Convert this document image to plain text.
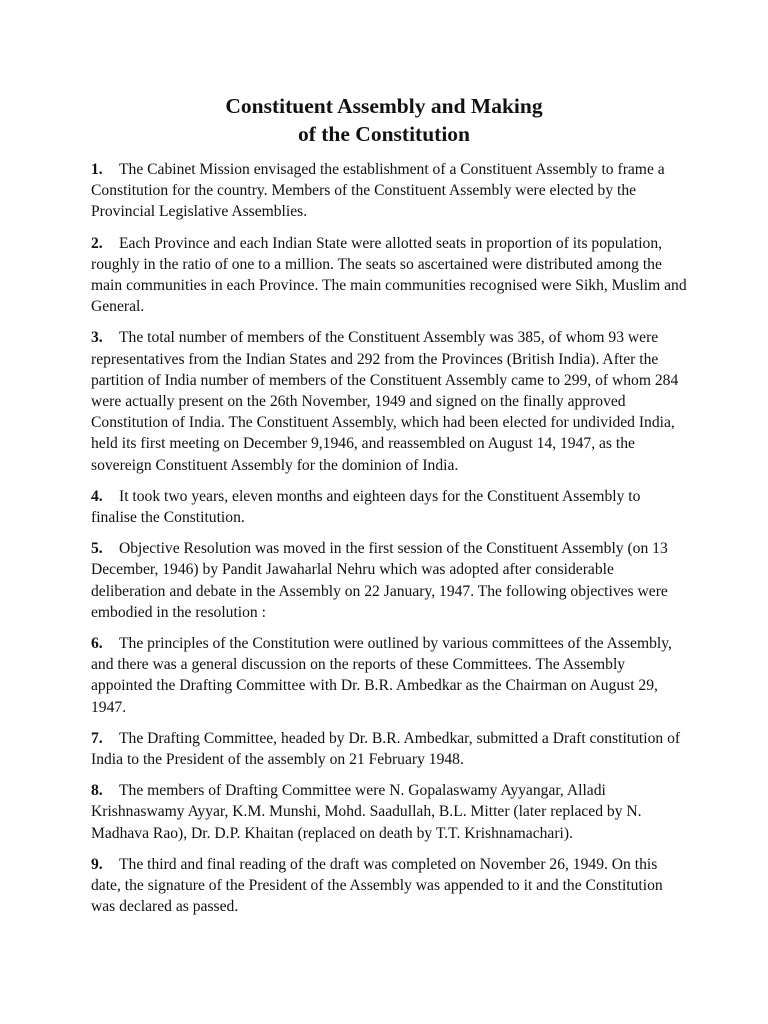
Constituent Assembly and Making
of the Constitution

1. The Cabinet Mission envisaged the establishment of a Constituent Assembly to frame a Constitution for the country. Members of the Constituent Assembly were elected by the Provincial Legislative Assemblies.

2. Each Province and each Indian State were allotted seats in proportion of its population, roughly in the ratio of one to a million. The seats so ascertained were distributed among the main communities in each Province. The main communities recognised were Sikh, Muslim and General.

3. The total number of members of the Constituent Assembly was 385, of whom 93 were representatives from the Indian States and 292 from the Provinces (British India). After the partition of India number of members of the Constituent Assembly came to 299, of whom 284 were actually present on the 26th November, 1949 and signed on the finally approved Constitution of India. The Constituent Assembly, which had been elected for undivided India, held its first meeting on December 9,1946, and reassembled on August 14, 1947, as the sovereign Constituent Assembly for the dominion of India.

4. It took two years, eleven months and eighteen days for the Constituent Assembly to finalise the Constitution.

5. Objective Resolution was moved in the first session of the Constituent Assembly (on 13 December, 1946) by Pandit Jawaharlal Nehru which was adopted after considerable deliberation and debate in the Assembly on 22 January, 1947. The following objectives were embodied in the resolution :

6. The principles of the Constitution were outlined by various committees of the Assembly, and there was a general discussion on the reports of these Committees. The Assembly appointed the Drafting Committee with Dr. B.R. Ambedkar as the Chairman on August 29, 1947.

7. The Drafting Committee, headed by Dr. B.R. Ambedkar, submitted a Draft constitution of India to the President of the assembly on 21 February 1948.

8. The members of Drafting Committee were N. Gopalaswamy Ayyangar, Alladi Krishnaswamy Ayyar, K.M. Munshi, Mohd. Saadullah, B.L. Mitter (later replaced by N. Madhava Rao), Dr. D.P. Khaitan (replaced on death by T.T. Krishnamachari).

9. The third and final reading of the draft was completed on November 26, 1949. On this date, the signature of the President of the Assembly was appended to it and the Constitution was declared as passed.
